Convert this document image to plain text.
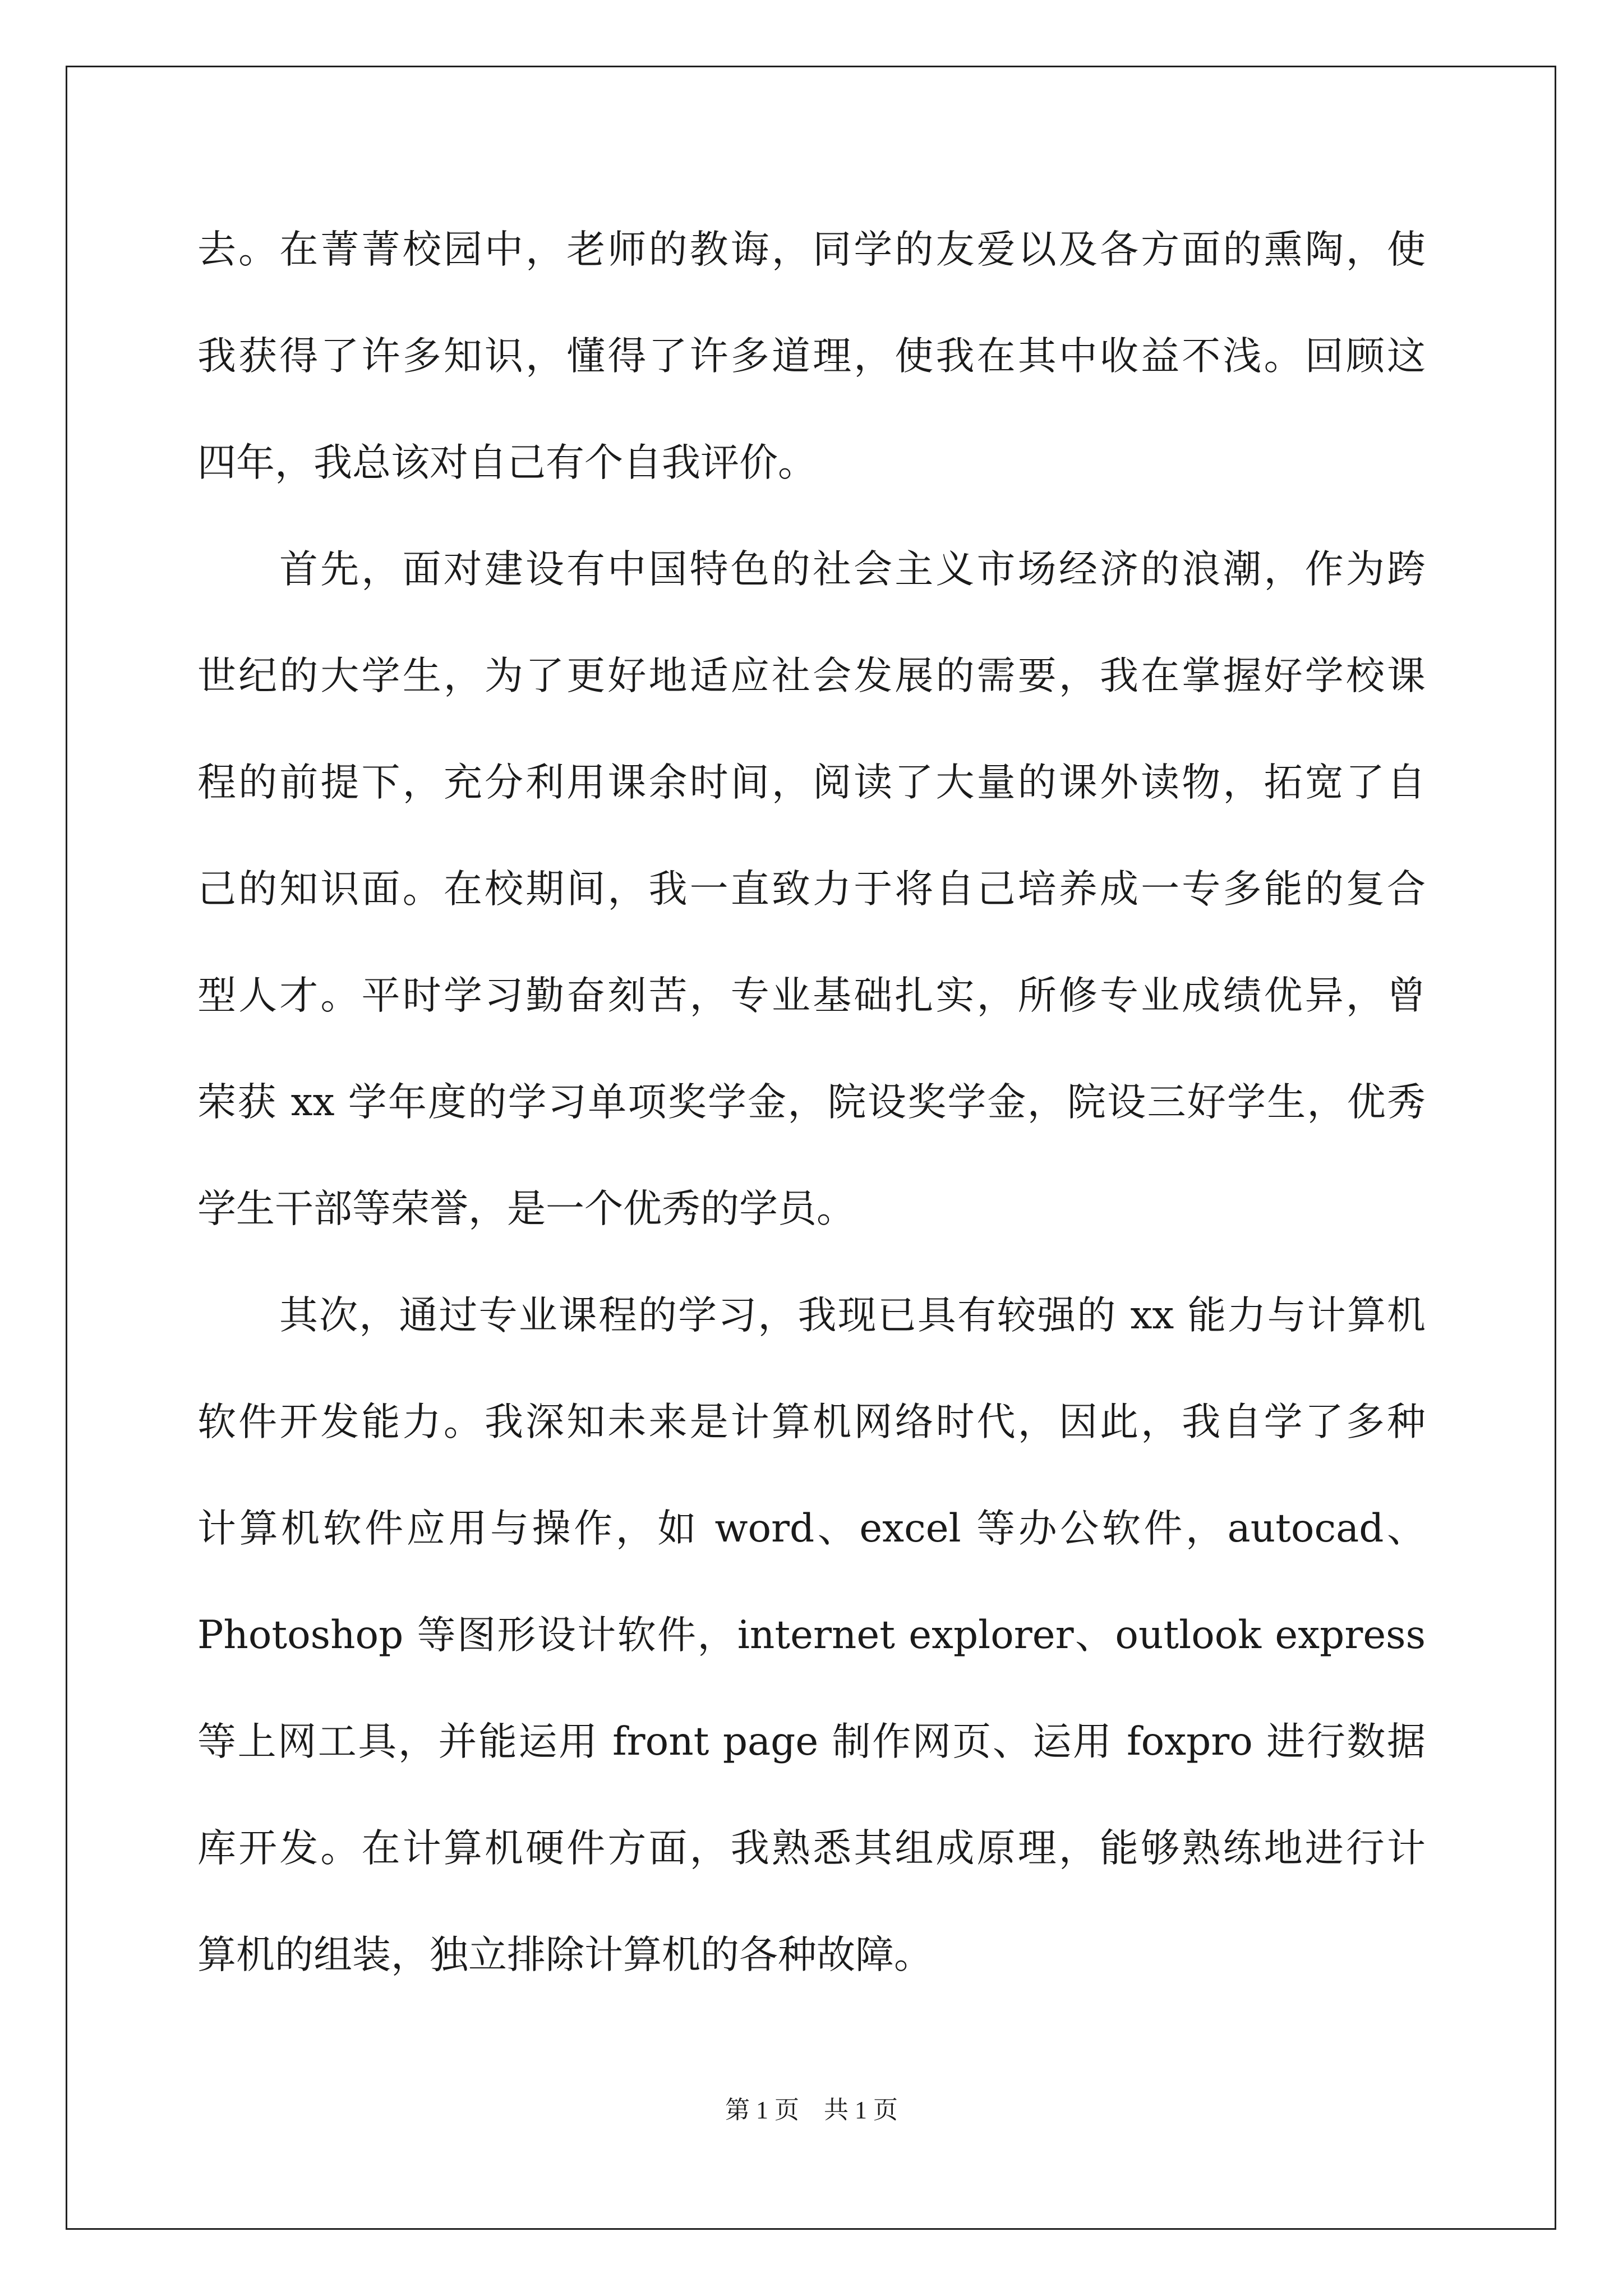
去。在菁菁校园中，老师的教诲，同学的友爱以及各方面的熏陶，使
我获得了许多知识，懂得了许多道理，使我在其中收益不浅。回顾这
四年，我总该对自己有个自我评价。
首先，面对建设有中国特色的社会主义市场经济的浪潮，作为跨
世纪的大学生，为了更好地适应社会发展的需要，我在掌握好学校课
程的前提下，充分利用课余时间，阅读了大量的课外读物，拓宽了自
己的知识面。在校期间，我一直致力于将自己培养成一专多能的复合
型人才。平时学习勤奋刻苦，专业基础扎实，所修专业成绩优异，曾
荣获 xx 学年度的学习单项奖学金，院设奖学金，院设三好学生，优秀
学生干部等荣誉，是一个优秀的学员。
其次，通过专业课程的学习，我现已具有较强的 xx 能力与计算机
软件开发能力。我深知未来是计算机网络时代，因此，我自学了多种
计算机软件应用与操作，如 word、excel 等办公软件，autocad、
Photoshop 等图形设计软件，internet explorer、outlook express
等上网工具，并能运用 front page 制作网页、运用 foxpro 进行数据
库开发。在计算机硬件方面，我熟悉其组成原理，能够熟练地进行计
算机的组装，独立排除计算机的各种故障。
第 1 页　共 1 页
